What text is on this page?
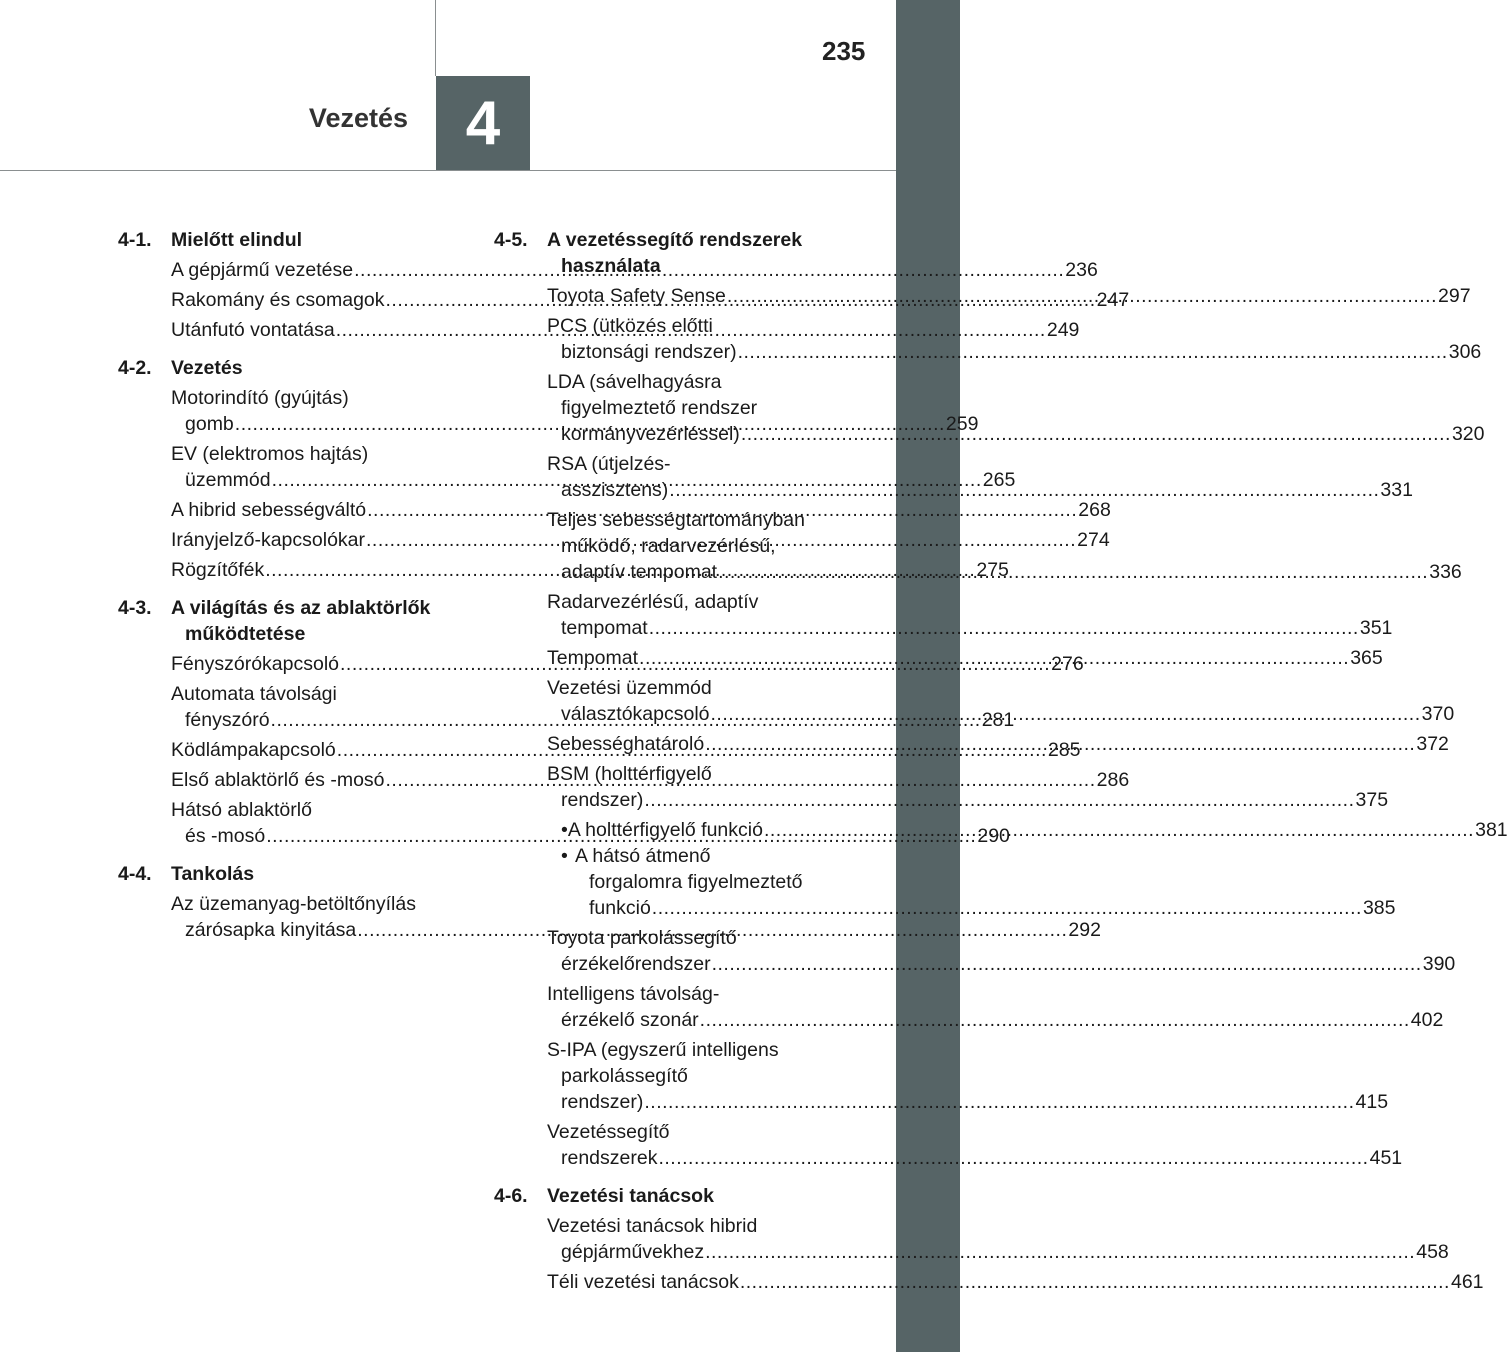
235
Vezetés 4
4-1. Mielőtt elindul
A gépjármű vezetése .....	236
Rakomány és csomagok .....	247
Utánfutó vontatása .....	249
4-2. Vezetés
Motorindító (gyújtás)
gomb .....	259
EV (elektromos hajtás)
üzemmód .....	265
A hibrid sebességváltó .....	268
Irányjelző-kapcsolókar .....	274
Rögzítőfék .....	275
4-3. A világítás és az ablaktörlők
működtetése
Fényszórókapcsoló .....	276
Automata távolsági
fényszóró .....	281
Ködlámpakapcsoló .....	285
Első ablaktörlő és -mosó .....	286
Hátsó ablaktörlő
és -mosó .....	290
4-4. Tankolás
Az üzemanyag-betöltőnyílás
zárósapka kinyitása .....	292
4-5. A vezetéssegítő rendszerek
használata
Toyota Safety Sense .....	297
PCS (ütközés előtti
biztonsági rendszer) .....	306
LDA (sávelhagyásra
figyelmeztető rendszer
kormányvezérléssel) .....	320
RSA (útjelzés-
asszisztens) .....	331
Teljes sebességtartományban
működő, radarvezérlésű,
adaptív tempomat .....	336
Radarvezérlésű, adaptív
tempomat .....	351
Tempomat .....	365
Vezetési üzemmód
választókapcsoló .....	370
Sebességhatároló .....	372
BSM (holttérfigyelő
rendszer) .....	375
• A holttérfigyelő funkció .....	381
• A hátsó átmenő
forgalomra figyelmeztető
funkció .....	385
Toyota parkolássegítő
érzékelőrendszer .....	390
Intelligens távolság-
érzékelő szonár .....	402
S-IPA (egyszerű intelligens
parkolássegítő
rendszer) .....	415
Vezetéssegítő
rendszerek .....	451
4-6. Vezetési tanácsok
Vezetési tanácsok hibrid
gépjárművekhez .....	458
Téli vezetési tanácsok .....	461
